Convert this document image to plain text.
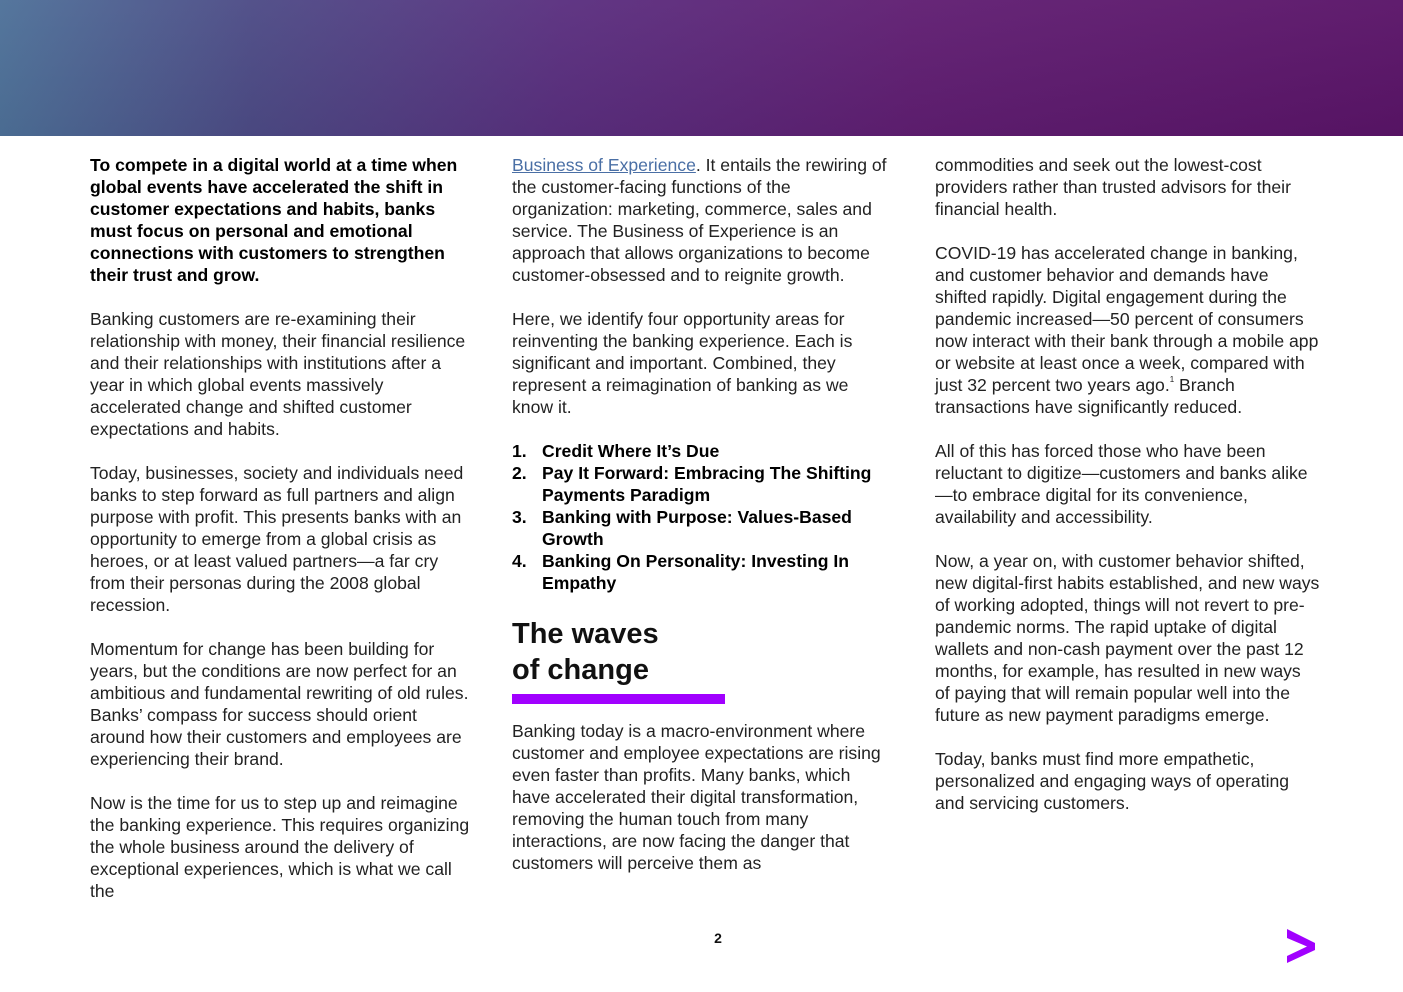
To compete in a digital world at a time when global events have accelerated the shift in customer expectations and habits, banks must focus on personal and emotional connections with customers to strengthen their trust and grow.

Banking customers are re-examining their relationship with money, their financial resilience and their relationships with institutions after a year in which global events massively accelerated change and shifted customer expectations and habits.

Today, businesses, society and individuals need banks to step forward as full partners and align purpose with profit. This presents banks with an opportunity to emerge from a global crisis as heroes, or at least valued partners—a far cry from their personas during the 2008 global recession.

Momentum for change has been building for years, but the conditions are now perfect for an ambitious and fundamental rewriting of old rules. Banks’ compass for success should orient around how their customers and employees are experiencing their brand.

Now is the time for us to step up and reimagine the banking experience. This requires organizing the whole business around the delivery of exceptional experiences, which is what we call the

Business of Experience. It entails the rewiring of the customer-facing functions of the organization: marketing, commerce, sales and service. The Business of Experience is an approach that allows organizations to become customer-obsessed and to reignite growth.

Here, we identify four opportunity areas for reinventing the banking experience. Each is significant and important. Combined, they represent a reimagination of banking as we know it.

1. Credit Where It’s Due
2. Pay It Forward: Embracing The Shifting Payments Paradigm
3. Banking with Purpose: Values-Based Growth
4. Banking On Personality: Investing In Empathy
The waves
of change

Banking today is a macro-environment where customer and employee expectations are rising even faster than profits. Many banks, which have accelerated their digital transformation, removing the human touch from many interactions, are now facing the danger that customers will perceive them as

commodities and seek out the lowest-cost providers rather than trusted advisors for their financial health.

COVID-19 has accelerated change in banking, and customer behavior and demands have shifted rapidly. Digital engagement during the pandemic increased—50 percent of consumers now interact with their bank through a mobile app or website at least once a week, compared with just 32 percent two years ago.$^1$ Branch transactions have significantly reduced.

All of this has forced those who have been reluctant to digitize—customers and banks alike—to embrace digital for its convenience, availability and accessibility.

Now, a year on, with customer behavior shifted, new digital-first habits established, and new ways of working adopted, things will not revert to pre-pandemic norms. The rapid uptake of digital wallets and non-cash payment over the past 12 months, for example, has resulted in new ways of paying that will remain popular well into the future as new payment paradigms emerge.

Today, banks must find more empathetic, personalized and engaging ways of operating and servicing customers.

2
